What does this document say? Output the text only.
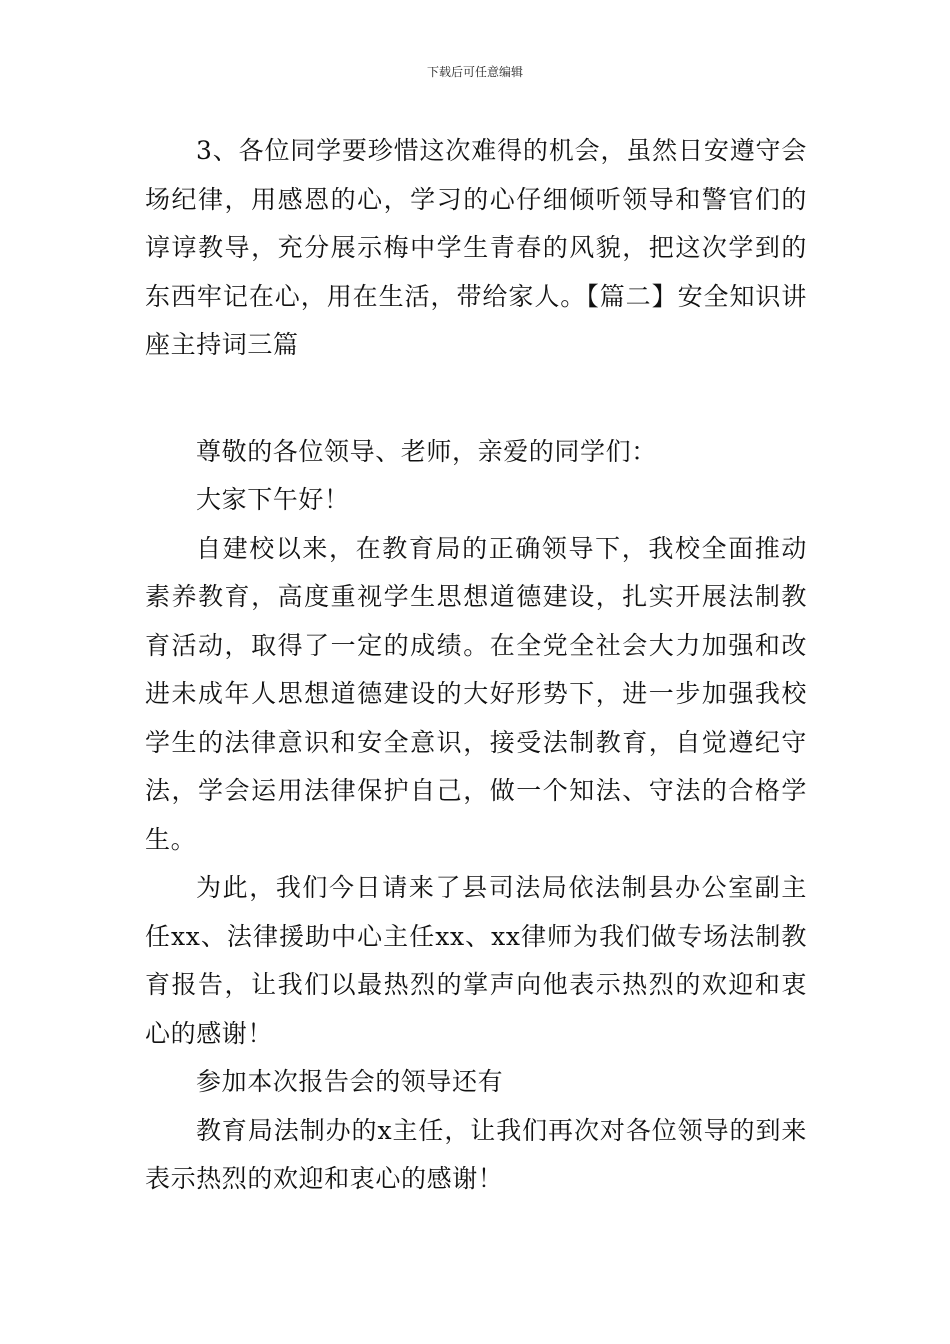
下载后可任意编辑

3、各位同学要珍惜这次难得的机会，虽然日安遵守会场纪律，用感恩的心，学习的心仔细倾听领导和警官们的谆谆教导，充分展示梅中学生青春的风貌，把这次学到的东西牢记在心，用在生活，带给家人。【篇二】安全知识讲座主持词三篇

尊敬的各位领导、老师，亲爱的同学们：

大家下午好！

自建校以来，在教育局的正确领导下，我校全面推动素养教育，高度重视学生思想道德建设，扎实开展法制教育活动，取得了一定的成绩。在全党全社会大力加强和改进未成年人思想道德建设的大好形势下，进一步加强我校学生的法律意识和安全意识，接受法制教育，自觉遵纪守法，学会运用法律保护自己，做一个知法、守法的合格学生。

为此，我们今日请来了县司法局依法制县办公室副主任xx、法律援助中心主任xx、xx律师为我们做专场法制教育报告，让我们以最热烈的掌声向他表示热烈的欢迎和衷心的感谢！

参加本次报告会的领导还有

教育局法制办的x主任，让我们再次对各位领导的到来表示热烈的欢迎和衷心的感谢！
